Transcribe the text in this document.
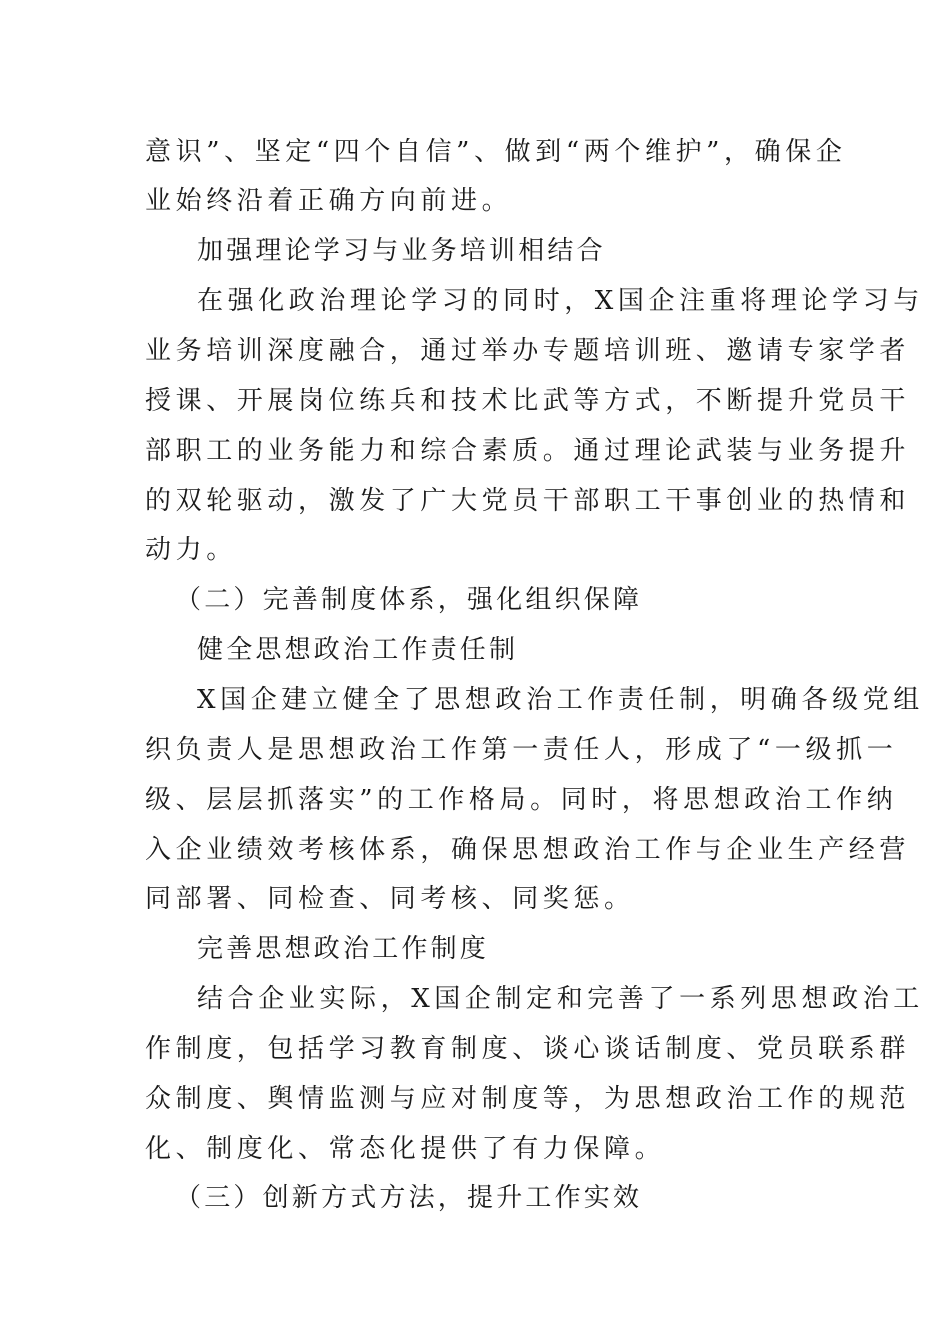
意识”、坚定“四个自信”、做到“两个维护”，确保企
业始终沿着正确方向前进。
加强理论学习与业务培训相结合
在强化政治理论学习的同时，X国企注重将理论学习与
业务培训深度融合，通过举办专题培训班、邀请专家学者
授课、开展岗位练兵和技术比武等方式，不断提升党员干
部职工的业务能力和综合素质。通过理论武装与业务提升
的双轮驱动，激发了广大党员干部职工干事创业的热情和
动力。
（二）完善制度体系，强化组织保障
健全思想政治工作责任制
X国企建立健全了思想政治工作责任制，明确各级党组
织负责人是思想政治工作第一责任人，形成了“一级抓一
级、层层抓落实”的工作格局。同时，将思想政治工作纳
入企业绩效考核体系，确保思想政治工作与企业生产经营
同部署、同检查、同考核、同奖惩。
完善思想政治工作制度
结合企业实际，X国企制定和完善了一系列思想政治工
作制度，包括学习教育制度、谈心谈话制度、党员联系群
众制度、舆情监测与应对制度等，为思想政治工作的规范
化、制度化、常态化提供了有力保障。
（三）创新方式方法，提升工作实效
